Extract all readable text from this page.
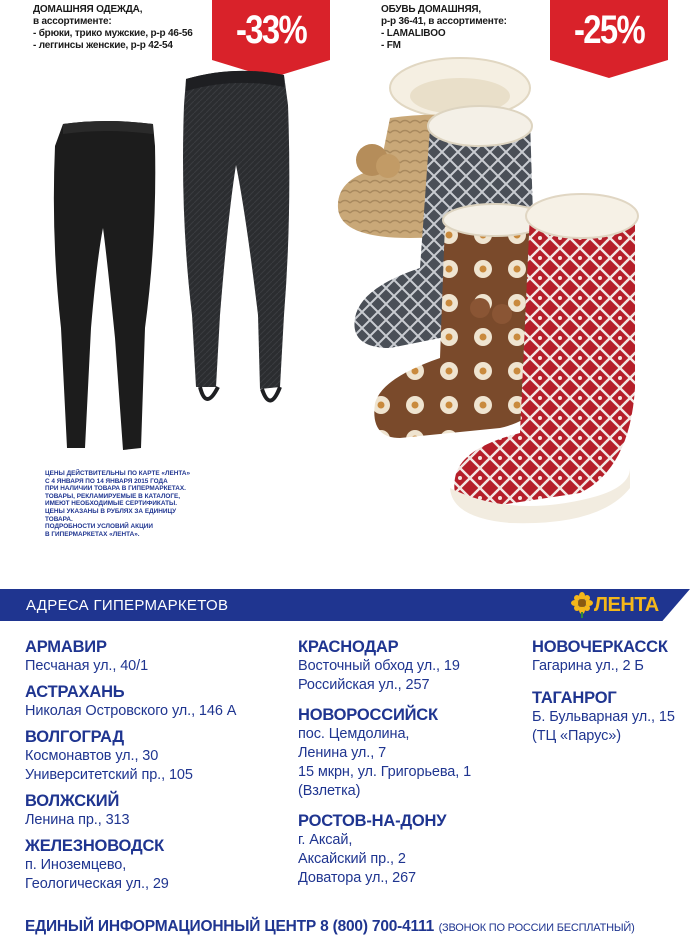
ДОМАШНЯЯ ОДЕЖДА,
в ассортименте:
- брюки, трико мужские, р-р 46-56
- леггинсы женские, р-р 42-54	-33%
ЦЕНЫ ДЕЙСТВИТЕЛЬНЫ ПО КАРТЕ «ЛЕНТА»
С 4 ЯНВАРЯ ПО 14 ЯНВАРЯ 2015 ГОДА
ПРИ НАЛИЧИИ ТОВАРА В ГИПЕРМАРКЕТАХ.
ТОВАРЫ, РЕКЛАМИРУЕМЫЕ В КАТАЛОГЕ,
ИМЕЮТ НЕОБХОДИМЫЕ СЕРТИФИКАТЫ.
ЦЕНЫ УКАЗАНЫ В РУБЛЯХ ЗА ЕДИНИЦУ ТОВАРА.
ПОДРОБНОСТИ УСЛОВИЙ АКЦИИ
В ГИПЕРМАРКЕТАХ «ЛЕНТА».
ОБУВЬ ДОМАШНЯЯ,
р-р 36-41, в ассортименте:
- LAMALIBOO
- FM	-25%
АДРЕСА ГИПЕРМАРКЕТОВ	ЛЕНТА
АРМАВИР
Песчаная ул., 40/1
АСТРАХАНЬ
Николая Островского ул., 146 А
ВОЛГОГРАД
Космонавтов ул., 30
Университетский пр., 105
ВОЛЖСКИЙ
Ленина пр., 313
ЖЕЛЕЗНОВОДСК
п. Иноземцево,
Геологическая ул., 29
КРАСНОДАР
Восточный обход ул., 19
Российская ул., 257
НОВОРОССИЙСК
пос. Цемдолина,
Ленина ул., 7
15 мкрн, ул. Григорьева, 1
(Взлетка)
РОСТОВ-НА-ДОНУ
г. Аксай,
Аксайский пр., 2
Доватора ул., 267
НОВОЧЕРКАССК
Гагарина ул., 2 Б
ТАГАНРОГ
Б. Бульварная ул., 15
(ТЦ «Парус»)
ЕДИНЫЙ ИНФОРМАЦИОННЫЙ ЦЕНТР 8 (800) 700-4111 (ЗВОНОК ПО РОССИИ БЕСПЛАТНЫЙ)
